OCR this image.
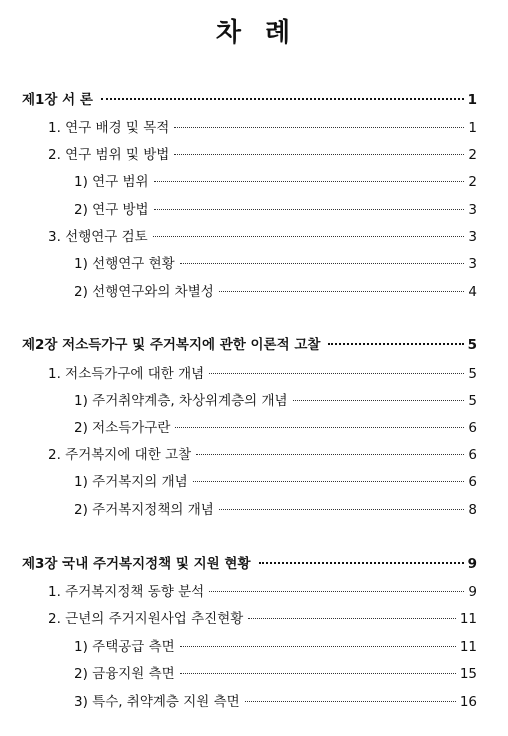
차  례
제1장 서 론	1
1. 연구 배경 및 목적	1
2. 연구 범위 및 방법	2
1) 연구 범위	2
2) 연구 방법	3
3. 선행연구 검토	3
1) 선행연구 현황	3
2) 선행연구와의 차별성	4
제2장 저소득가구 및 주거복지에 관한 이론적 고찰	5
1. 저소득가구에 대한 개념	5
1) 주거취약계층, 차상위계층의 개념	5
2) 저소득가구란	6
2. 주거복지에 대한 고찰	6
1) 주거복지의 개념	6
2) 주거복지정책의 개념	8
제3장 국내 주거복지정책 및 지원 현황	9
1. 주거복지정책 동향 분석	9
2. 근년의 주거지원사업 추진현황	11
1) 주택공급 측면	11
2) 금융지원 측면	15
3) 특수, 취약계층 지원 측면	16
